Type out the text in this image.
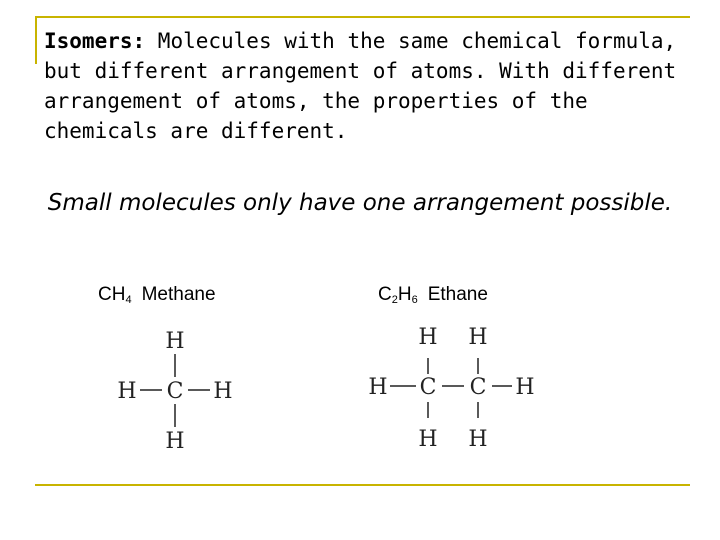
Isomers: Molecules with the same chemical formula, but different arrangement of atoms. With different arrangement of atoms, the properties of the chemicals are different.
Small molecules only have one arrangement possible.
$CH_4$ Methane	$C_2H_6$ Ethane
H
H C H
H
H H
H C C H
H H
